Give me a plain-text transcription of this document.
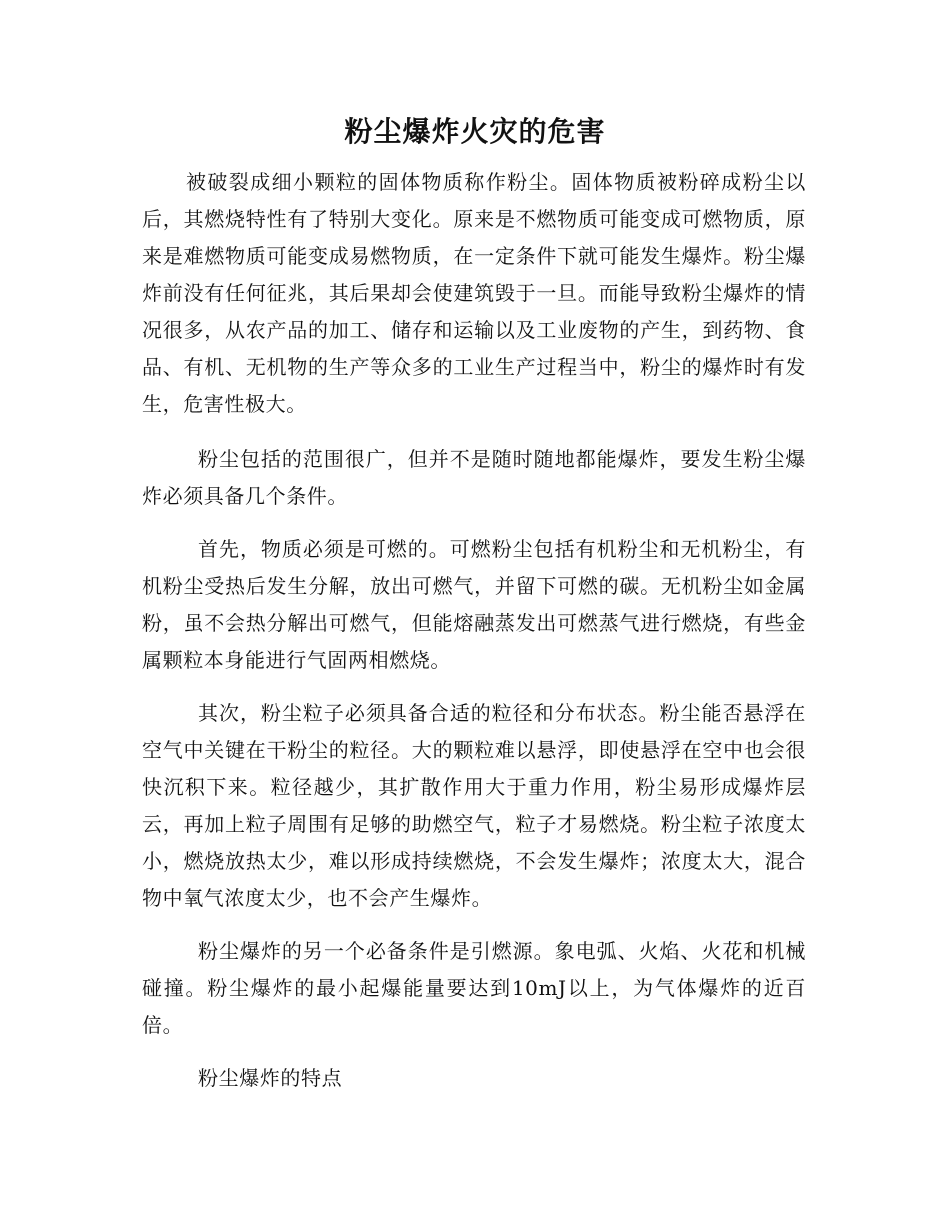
粉尘爆炸火灾的危害

被破裂成细小颗粒的固体物质称作粉尘。固体物质被粉碎成粉尘以后，其燃烧特性有了特别大变化。原来是不燃物质可能变成可燃物质，原来是难燃物质可能变成易燃物质，在一定条件下就可能发生爆炸。粉尘爆炸前没有任何征兆，其后果却会使建筑毁于一旦。而能导致粉尘爆炸的情况很多，从农产品的加工、储存和运输以及工业废物的产生，到药物、食品、有机、无机物的生产等众多的工业生产过程当中，粉尘的爆炸时有发生，危害性极大。

粉尘包括的范围很广，但并不是随时随地都能爆炸，要发生粉尘爆炸必须具备几个条件。

首先，物质必须是可燃的。可燃粉尘包括有机粉尘和无机粉尘，有机粉尘受热后发生分解，放出可燃气，并留下可燃的碳。无机粉尘如金属粉，虽不会热分解出可燃气，但能熔融蒸发出可燃蒸气进行燃烧，有些金属颗粒本身能进行气固两相燃烧。

其次，粉尘粒子必须具备合适的粒径和分布状态。粉尘能否悬浮在空气中关键在干粉尘的粒径。大的颗粒难以悬浮，即使悬浮在空中也会很快沉积下来。粒径越少，其扩散作用大于重力作用，粉尘易形成爆炸层云，再加上粒子周围有足够的助燃空气，粒子才易燃烧。粉尘粒子浓度太小，燃烧放热太少，难以形成持续燃烧，不会发生爆炸；浓度太大，混合物中氧气浓度太少，也不会产生爆炸。

粉尘爆炸的另一个必备条件是引燃源。象电弧、火焰、火花和机械碰撞。粉尘爆炸的最小起爆能量要达到10mJ以上，为气体爆炸的近百倍。

粉尘爆炸的特点
